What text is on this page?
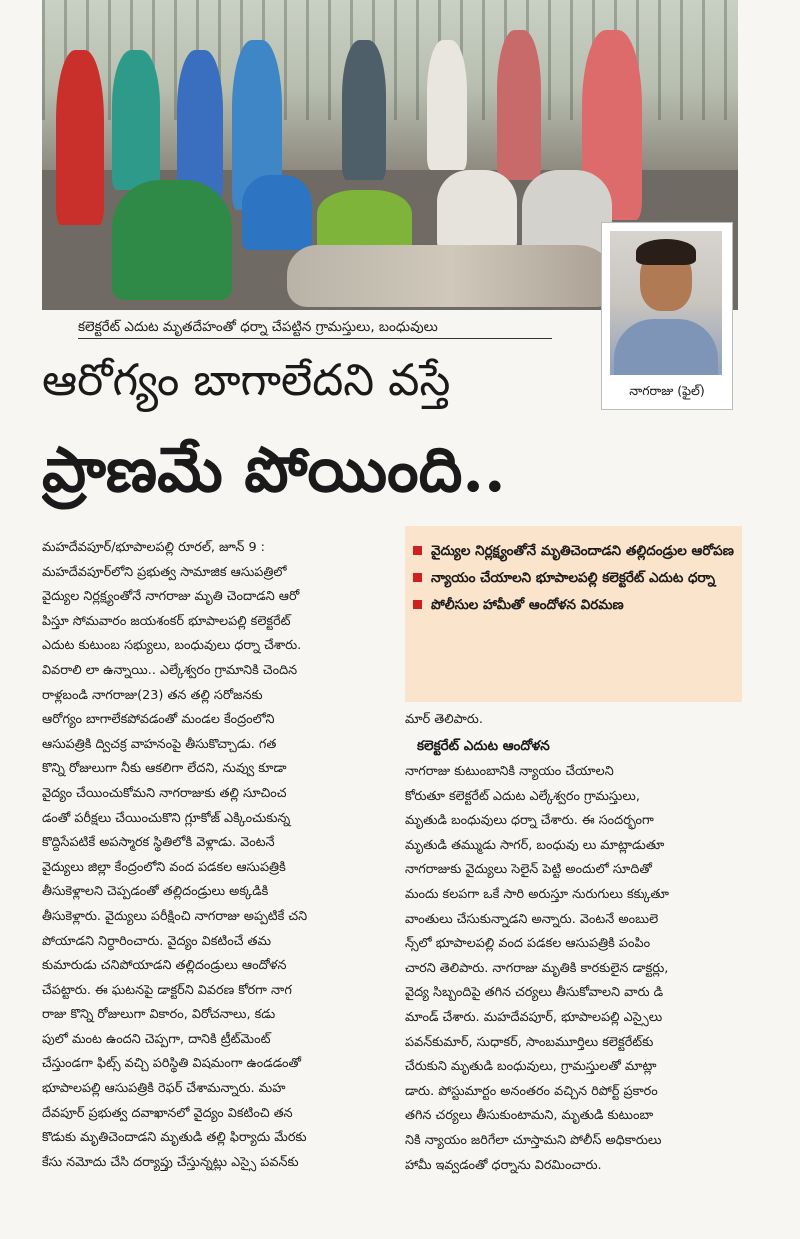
కలెక్టరేట్ ఎదుట మృతదేహంతో ధర్నా చేపట్టిన గ్రామస్తులు, బంధువులు
నాగరాజు (ఫైల్)
ఆరోగ్యం బాగాలేదని వస్తే
ప్రాణమే పోయింది..
వైద్యుల నిర్లక్ష్యంతోనే మృతిచెందాడని తల్లిదండ్రుల ఆరోపణ
న్యాయం చేయాలని భూపాలపల్లి కలెక్టరేట్ ఎదుట ధర్నా
పోలీసుల హామీతో ఆందోళన విరమణ

మహదేవపూర్/భూపాలపల్లి రూరల్, జూన్ 9 :

మహదేవపూర్‌లోని ప్రభుత్వ సామాజిక ఆసుపత్రిలో

వైద్యుల నిర్లక్ష్యంతోనే నాగరాజు మృతి చెందాడని ఆరో

పిస్తూ సోమవారం జయశంకర్ భూపాలపల్లి కలెక్టరేట్

ఎదుట కుటుంబ సభ్యులు, బంధువులు ధర్నా చేశారు.

వివరాలి లా ఉన్నాయి.. ఎల్కేశ్వరం గ్రామానికి చెందిన

రాళ్లబండి నాగరాజు(23) తన తల్లి సరోజనకు

ఆరోగ్యం బాగాలేకపోవడంతో మండల కేంద్రంలోని

ఆసుపత్రికి ద్విచక్ర వాహనంపై తీసుకొచ్చాడు. గత

కొన్ని రోజులుగా నీకు ఆకలిగా లేదని, నువ్వు కూడా

వైద్యం చేయించుకోమని నాగరాజుకు తల్లి సూచించ

డంతో పరీక్షలు చేయించుకొని గ్లూకోజ్ ఎక్కించుకున్న

కొద్దిసేపటికే అపస్మారక స్థితిలోకి వెళ్లాడు. వెంటనే

వైద్యులు జిల్లా కేంద్రంలోని వంద పడకల ఆసుపత్రికి

తీసుకెళ్లాలని చెప్పడంతో తల్లిదండ్రులు అక్కడికి

తీసుకెళ్లారు. వైద్యులు పరీక్షించి నాగరాజు అప్పటికే చని

పోయాడని నిర్ధారించారు. వైద్యం వికటించే తమ

కుమారుడు చనిపోయాడని తల్లిదండ్రులు ఆందోళన

చేపట్టారు. ఈ ఘటనపై డాక్టర్‌ని వివరణ కోరగా నాగ

రాజు కొన్ని రోజులుగా వికారం, విరోచనాలు, కడు

పులో మంట ఉందని చెప్పగా, దానికి ట్రీట్‌మెంట్

చేస్తుండగా ఫిట్స్ వచ్చి పరిస్థితి విషమంగా ఉండడంతో

భూపాలపల్లి ఆసుపత్రికి రెఫర్ చేశామన్నారు. మహ

దేవపూర్ ప్రభుత్వ దవాఖానలో వైద్యం వికటించి తన

కొడుకు మృతిచెందాడని మృతుడి తల్లి ఫిర్యాదు మేరకు

కేసు నమోదు చేసి దర్యాప్తు చేస్తున్నట్లు ఎస్సై పవన్‌కు

మార్ తెలిపారు.

కలెక్టరేట్ ఎదుట ఆందోళన

నాగరాజు కుటుంబానికి న్యాయం చేయాలని

కోరుతూ కలెక్టరేట్ ఎదుట ఎల్కేశ్వరం గ్రామస్తులు,

మృతుడి బంధువులు ధర్నా చేశారు. ఈ సందర్భంగా

మృతుడి తమ్ముడు సాగర్, బంధువు లు మాట్లాడుతూ

నాగరాజుకు వైద్యులు సెలైన్ పెట్టి అందులో సూదితో

మందు కలపగా ఒకే సారి అరుస్తూ నురుగులు కక్కుతూ

వాంతులు చేసుకున్నాడని అన్నారు. వెంటనే అంబులె

న్స్‌లో భూపాలపల్లి వంద పడకల ఆసుపత్రికి పంపిం

చారని తెలిపారు. నాగరాజు మృతికి కారకులైన డాక్టర్లు,

వైద్య సిబ్బందిపై తగిన చర్యలు తీసుకోవాలని వారు డి

మాండ్ చేశారు. మహదేవపూర్, భూపాలపల్లి ఎస్సైలు

పవన్‌కుమార్, సుధాకర్, సాంబమూర్తిలు కలెక్టరేట్‌కు

చేరుకుని మృతుడి బంధువులు, గ్రామస్తులతో మాట్లా

డారు. పోస్టుమార్టం అనంతరం వచ్చిన రిపోర్ట్ ప్రకారం

తగిన చర్యలు తీసుకుంటామని, మృతుడి కుటుంబా

నికి న్యాయం జరిగేలా చూస్తామని పోలీస్ అధికారులు

హామీ ఇవ్వడంతో ధర్నాను విరమించారు.
